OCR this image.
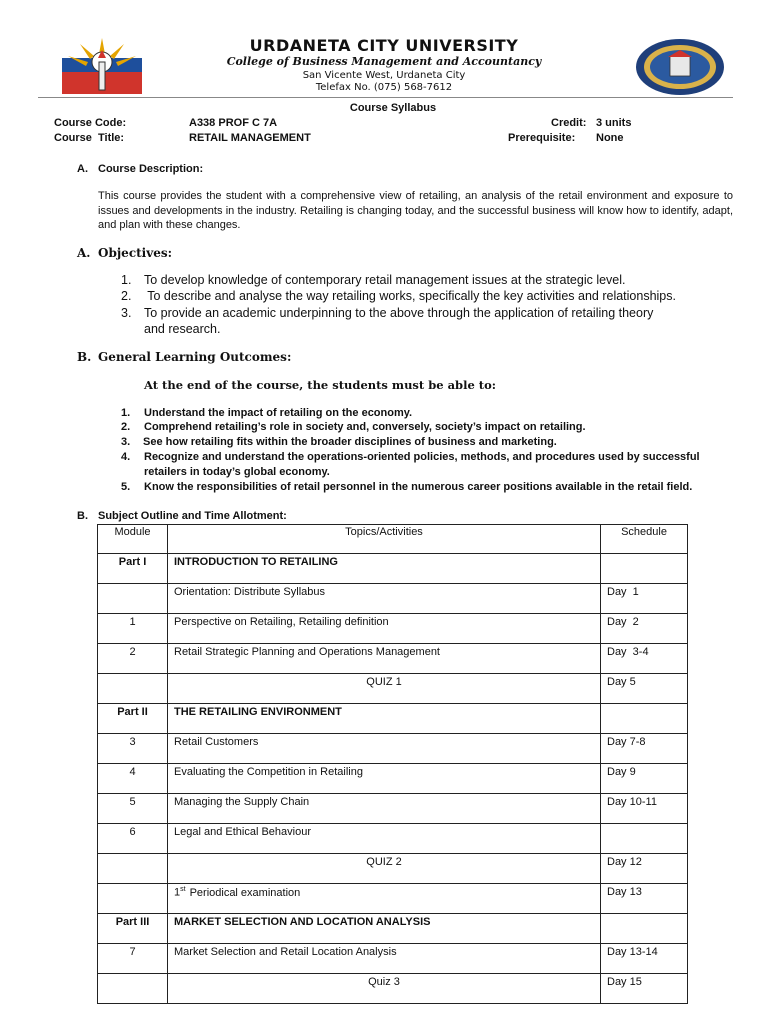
URDANETA CITY UNIVERSITY
College of Business Management and Accountancy
San Vicente West, Urdaneta City
Telefax No. (075) 568-7612
Course Syllabus
Course Code:	A338 PROF C 7A	Credit: 3 units
Course  Title:	RETAIL MANAGEMENT	Prerequisite: None
A. Course Description:
This course provides the student with a comprehensive view of retailing, an analysis of the retail environment and exposure to issues and developments in the industry. Retailing is changing today, and the successful business will know how to identify, adapt, and plan with these changes.
A. Objectives:
1. To develop knowledge of contemporary retail management issues at the strategic level.
2. To describe and analyse the way retailing works, specifically the key activities and relationships.
3. To provide an academic underpinning to the above through the application of retailing theory
and research.
B. General Learning Outcomes:
At the end of the course, the students must be able to:
1. Understand the impact of retailing on the economy.
2. Comprehend retailing’s role in society and, conversely, society’s impact on retailing.
3. See how retailing fits within the broader disciplines of business and marketing.
4. Recognize and understand the operations-oriented policies, methods, and procedures used by successful
retailers in today’s global economy.
5. Know the responsibilities of retail personnel in the numerous career positions available in the retail field.
B. Subject Outline and Time Allotment:
Module	Topics/Activities	Schedule
Part I	INTRODUCTION TO RETAILING	
	Orientation: Distribute Syllabus	Day  1
1	Perspective on Retailing, Retailing definition	Day  2
2	Retail Strategic Planning and Operations Management	Day  3-4
	QUIZ 1	Day 5
Part II	THE RETAILING ENVIRONMENT	
3	Retail Customers	Day 7-8
4	Evaluating the Competition in Retailing	Day 9
5	Managing the Supply Chain	Day 10-11
6	Legal and Ethical Behaviour	
	QUIZ 2	Day 12
	1st Periodical examination	Day 13
Part III	MARKET SELECTION AND LOCATION ANALYSIS	
7	Market Selection and Retail Location Analysis	Day 13-14
	Quiz 3	Day 15
